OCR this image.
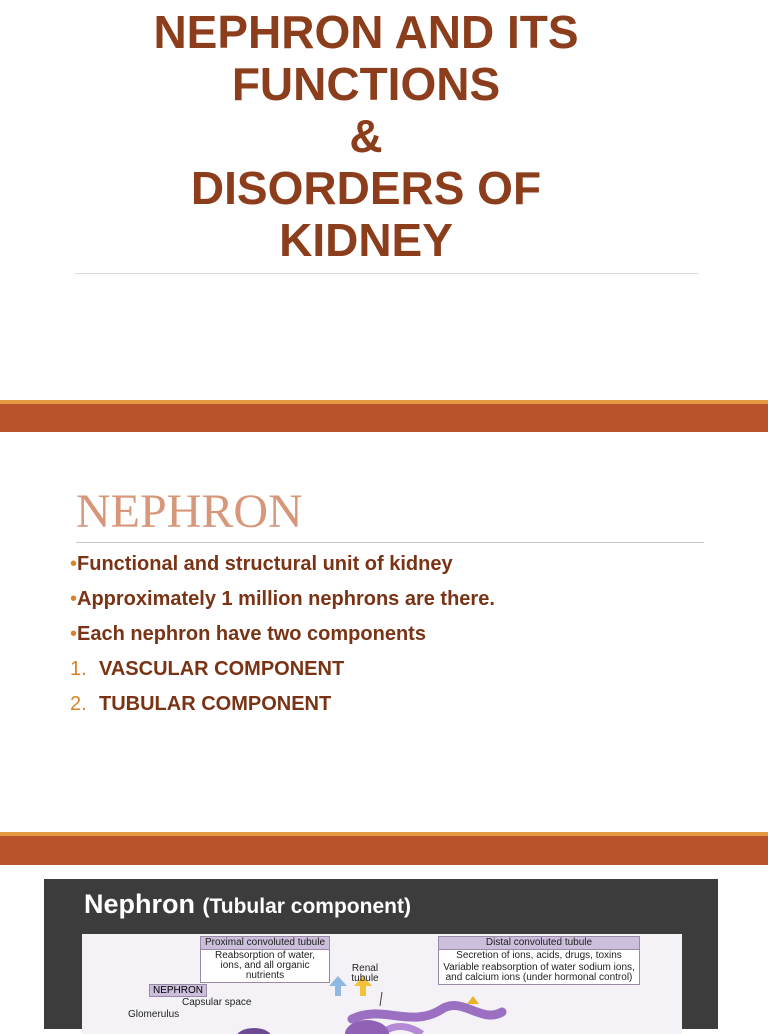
NEPHRON AND ITS
FUNCTIONS
&
DISORDERS OF
KIDNEY
NEPHRON
•Functional and structural unit of kidney
•Approximately 1 million nephrons are there.
•Each nephron have two components
1. VASCULAR COMPONENT
2. TUBULAR COMPONENT
Nephron (Tubular component)
Proximal convoluted tubule
Reabsorption of water, ions, and all organic nutrients
Distal convoluted tubule
Secretion of ions, acids, drugs, toxins
Variable reabsorption of water sodium ions, and calcium ions (under hormonal control)
Renal tubule
NEPHRON
Capsular space
Glomerulus
